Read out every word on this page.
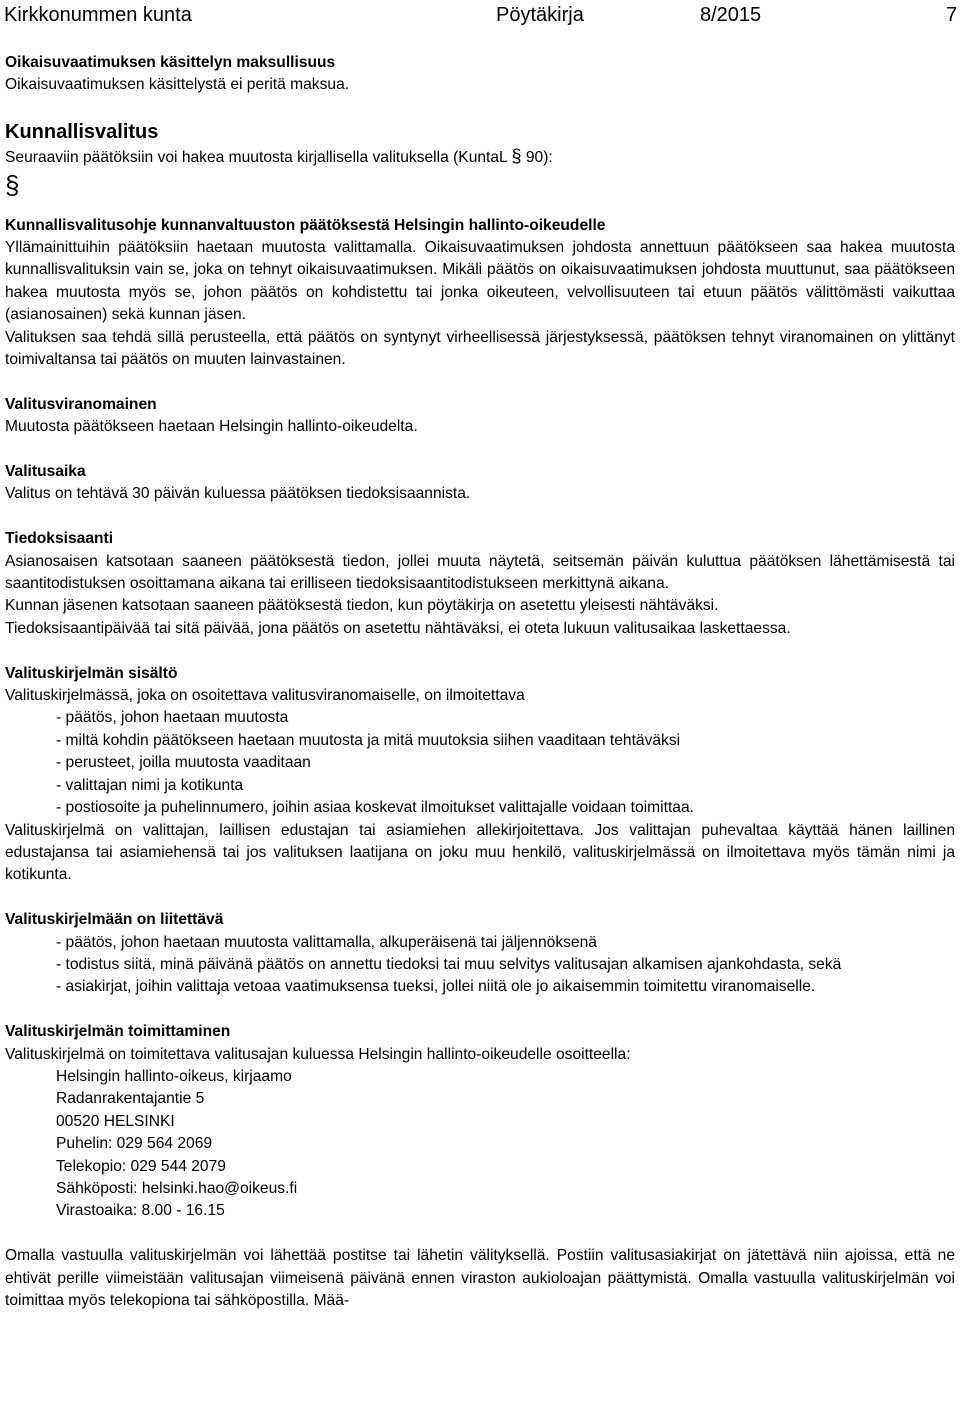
Kirkkonummen kunta	Pöytäkirja	8/2015	7

Oikaisuvaatimuksen käsittelyn maksullisuus

Oikaisuvaatimuksen käsittelystä ei peritä maksua.

Kunnallisvalitus

Seuraaviin päätöksiin voi hakea muutosta kirjallisella valituksella (KuntaL § 90):

§

Kunnallisvalitusohje kunnanvaltuuston päätöksestä Helsingin hallinto-oikeudelle

Yllämainittuihin päätöksiin haetaan muutosta valittamalla. Oikaisuvaatimuksen johdosta annettuun päätökseen saa hakea muutosta kunnallisvalituksin vain se, joka on tehnyt oikaisuvaatimuksen. Mikäli päätös on oikaisuvaatimuksen johdosta muuttunut, saa päätökseen hakea muutosta myös se, johon päätös on kohdistettu tai jonka oikeuteen, velvollisuuteen tai etuun päätös välittömästi vaikuttaa (asianosainen) sekä kunnan jäsen.

Valituksen saa tehdä sillä perusteella, että päätös on syntynyt virheellisessä järjestyksessä, päätöksen tehnyt viranomainen on ylittänyt toimivaltansa tai päätös on muuten lainvastainen.

Valitusviranomainen

Muutosta päätökseen haetaan Helsingin hallinto-oikeudelta.

Valitusaika

Valitus on tehtävä 30 päivän kuluessa päätöksen tiedoksisaannista.

Tiedoksisaanti

Asianosaisen katsotaan saaneen päätöksestä tiedon, jollei muuta näytetä, seitsemän päivän kuluttua päätöksen lähettämisestä tai saantitodistuksen osoittamana aikana tai erilliseen tiedoksisaantitodistukseen merkittynä aikana.

Kunnan jäsenen katsotaan saaneen päätöksestä tiedon, kun pöytäkirja on asetettu yleisesti nähtäväksi.

Tiedoksisaantipäivää tai sitä päivää, jona päätös on asetettu nähtäväksi, ei oteta lukuun valitusaikaa laskettaessa.

Valituskirjelmän sisältö

Valituskirjelmässä, joka on osoitettava valitusviranomaiselle, on ilmoitettava

- päätös, johon haetaan muutosta

- miltä kohdin päätökseen haetaan muutosta ja mitä muutoksia siihen vaaditaan tehtäväksi

- perusteet, joilla muutosta vaaditaan

- valittajan nimi ja kotikunta

- postiosoite ja puhelinnumero, joihin asiaa koskevat ilmoitukset valittajalle voidaan toimittaa.

Valituskirjelmä on valittajan, laillisen edustajan tai asiamiehen allekirjoitettava. Jos valittajan puhevaltaa käyttää hänen laillinen edustajansa tai asiamiehensä tai jos valituksen laatijana on joku muu henkilö, valituskirjelmässä on ilmoitettava myös tämän nimi ja kotikunta.

Valituskirjelmään on liitettävä

- päätös, johon haetaan muutosta valittamalla, alkuperäisenä tai jäljennöksenä

- todistus siitä, minä päivänä päätös on annettu tiedoksi tai muu selvitys valitusajan alkamisen ajankohdasta, sekä

- asiakirjat, joihin valittaja vetoaa vaatimuksensa tueksi, jollei niitä ole jo aikaisemmin toimitettu viranomaiselle.

Valituskirjelmän toimittaminen

Valituskirjelmä on toimitettava valitusajan kuluessa Helsingin hallinto-oikeudelle osoitteella:

Helsingin hallinto-oikeus, kirjaamo

Radanrakentajantie 5

00520 HELSINKI

Puhelin: 029 564 2069

Telekopio: 029 544 2079

Sähköposti: helsinki.hao@oikeus.fi

Virastoaika: 8.00 - 16.15

Omalla vastuulla valituskirjelmän voi lähettää postitse tai lähetin välityksellä. Postiin valitusasiakirjat on jätettävä niin ajoissa, että ne ehtivät perille viimeistään valitusajan viimeisenä päivänä ennen viraston aukioloajan päättymistä. Omalla vastuulla valituskirjelmän voi toimittaa myös telekopiona tai sähköpostilla. Mää-
